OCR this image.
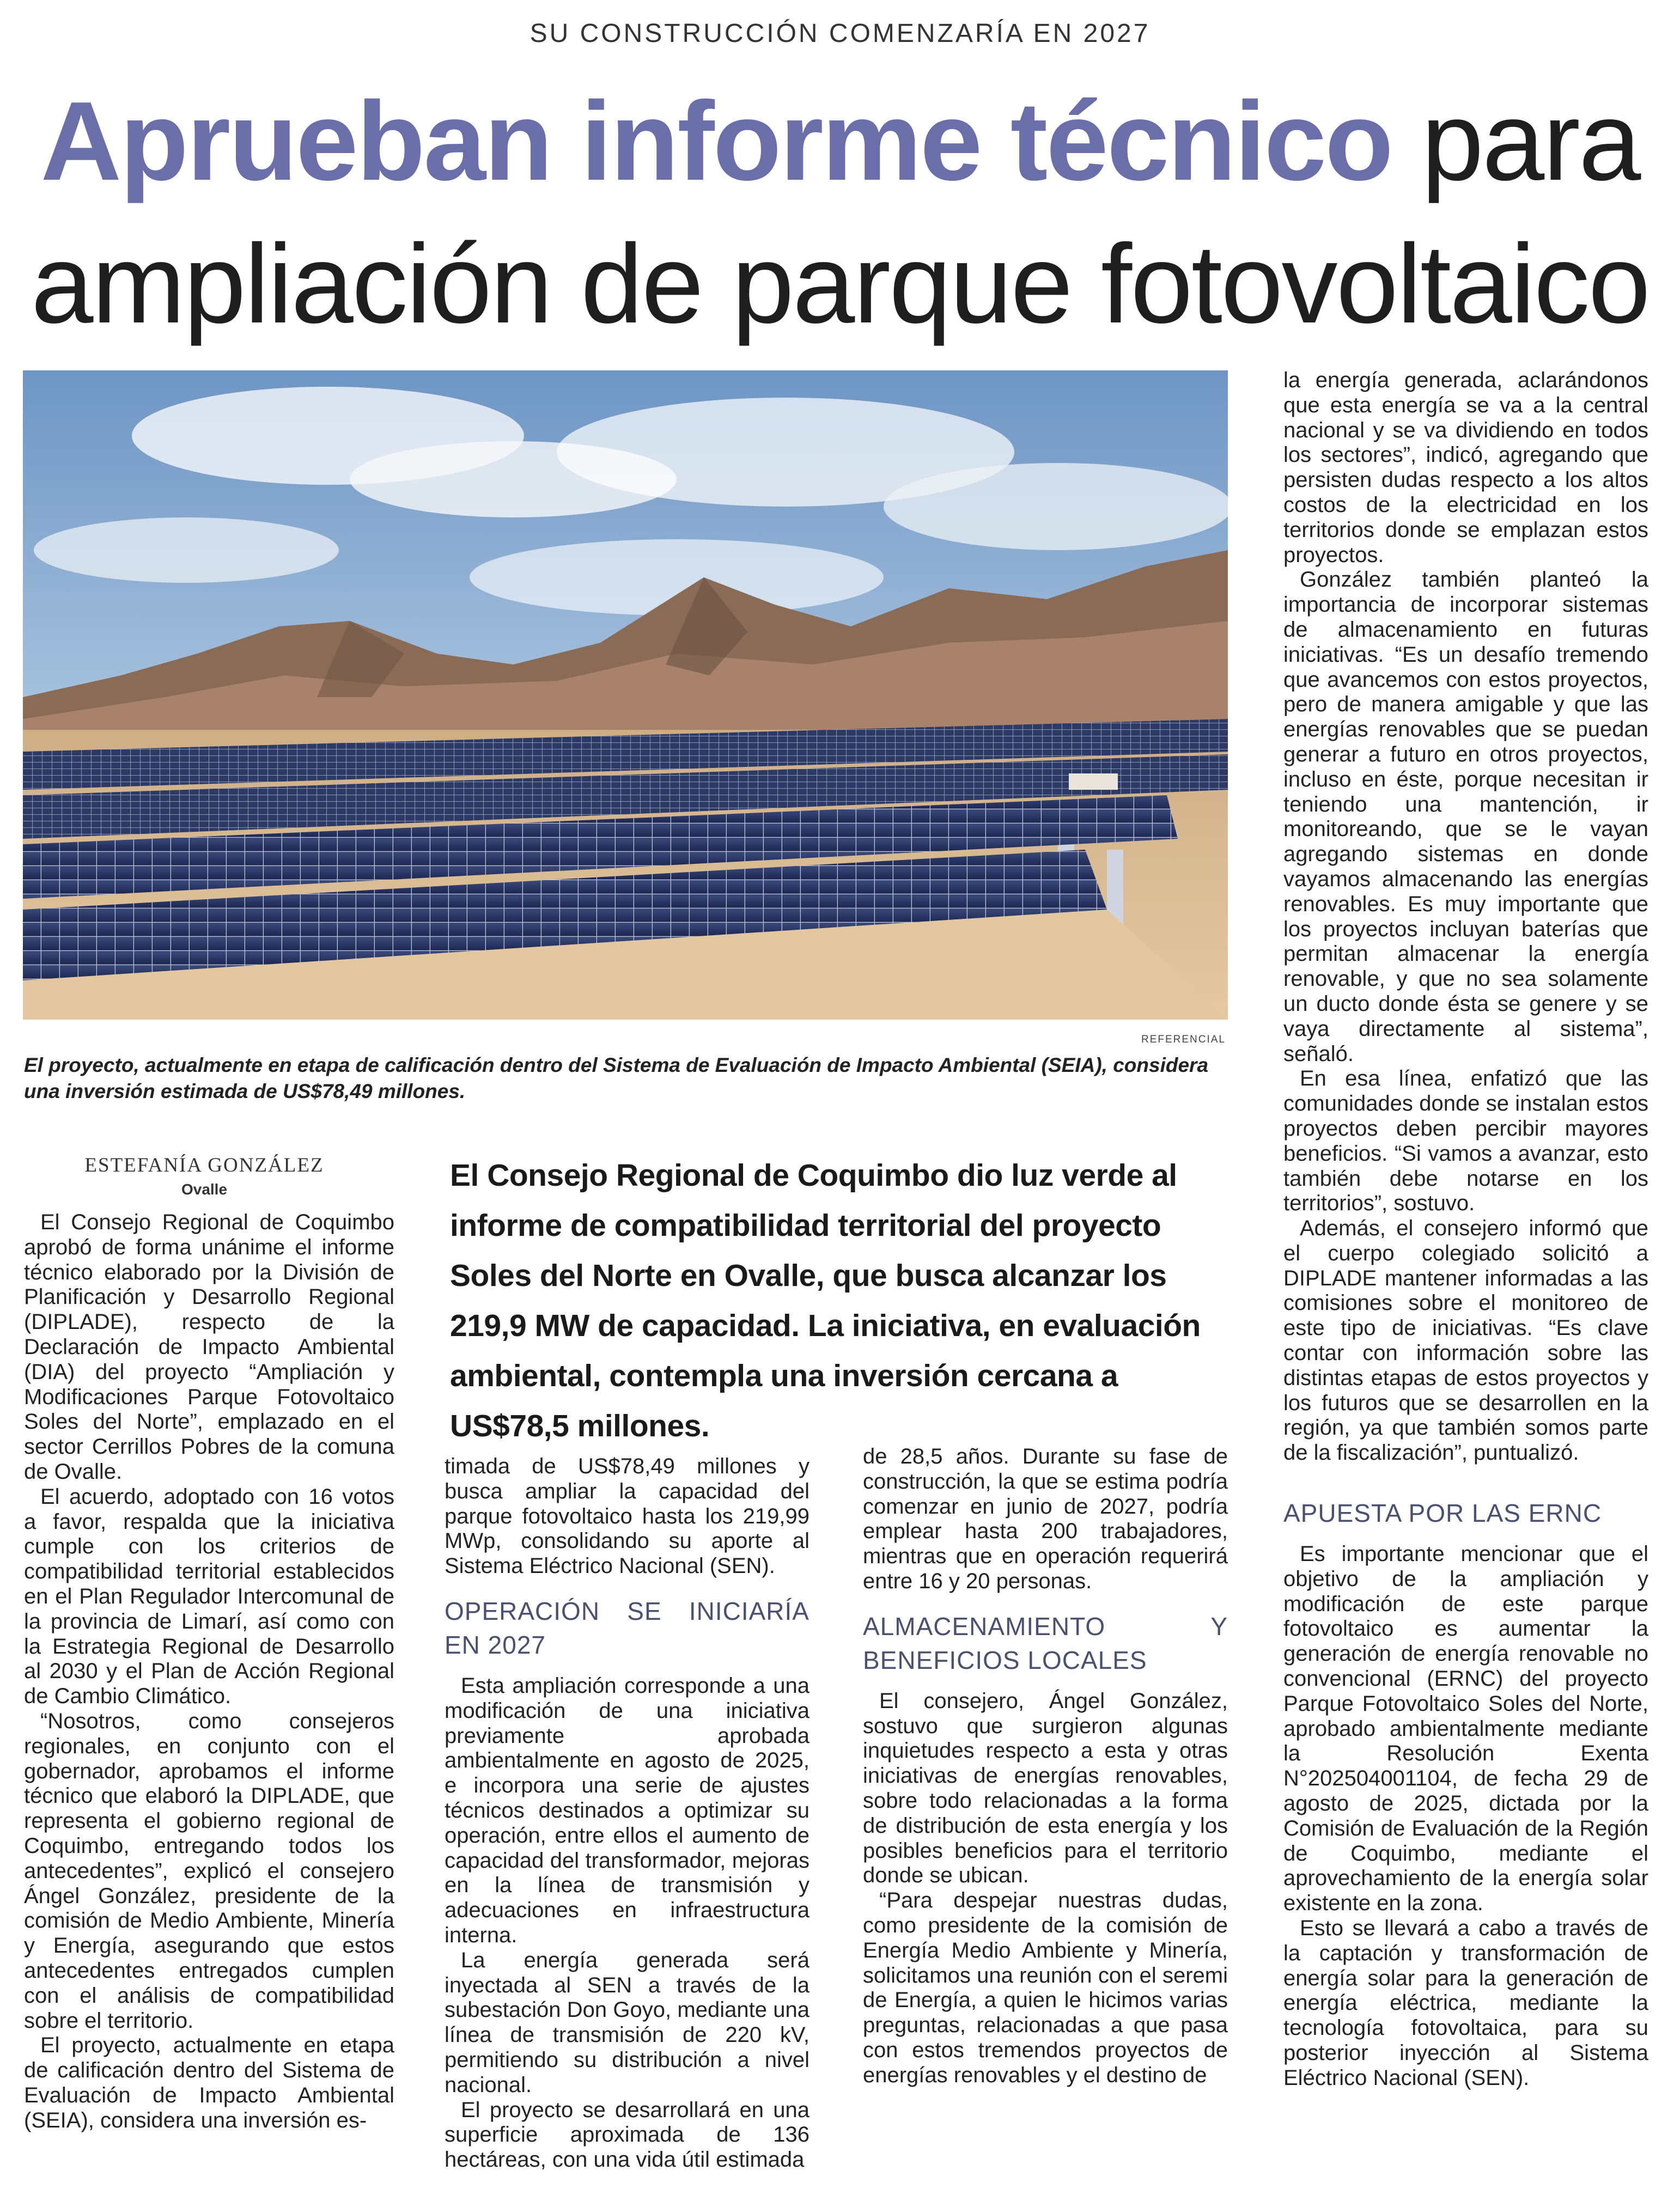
SU CONSTRUCCIÓN COMENZARÍA EN 2027
Aprueban informe técnico para
ampliación de parque fotovoltaico
REFERENCIAL
El proyecto, actualmente en etapa de calificación dentro del Sistema de Evaluación de Impacto Ambiental (SEIA), considera una inversión estimada de US$78,49 millones.
ESTEFANÍA GONZÁLEZ
Ovalle	El Consejo Regional de Coquimbo dio luz verde al informe de compatibilidad territorial del proyecto Soles del Norte en Ovalle, que busca alcanzar los 219,9 MW de capacidad. La iniciativa, en evaluación ambiental, contempla una inversión cercana a US$78,5 millones.

El Consejo Regional de Coquimbo aprobó de forma unánime el informe técnico elaborado por la División de Planificación y Desarrollo Regional (DIPLADE), respecto de la Declaración de Impacto Ambiental (DIA) del proyecto “Ampliación y Modificaciones Parque Fotovoltaico Soles del Norte”, emplazado en el sector Cerrillos Pobres de la comuna de Ovalle.

El acuerdo, adoptado con 16 votos a favor, respalda que la iniciativa cumple con los criterios de compatibilidad territorial establecidos en el Plan Regulador Intercomunal de la provincia de Limarí, así como con la Estrategia Regional de Desarrollo al 2030 y el Plan de Acción Regional de Cambio Climático.

“Nosotros, como consejeros regionales, en conjunto con el gobernador, aprobamos el informe técnico que elaboró la DIPLADE, que representa el gobierno regional de Coquimbo, entregando todos los antecedentes”, explicó el consejero Ángel González, presidente de la comisión de Medio Ambiente, Minería y Energía, asegurando que estos antecedentes entregados cumplen con el análisis de compatibilidad sobre el territorio.

El proyecto, actualmente en etapa de calificación dentro del Sistema de Evaluación de Impacto Ambiental (SEIA), considera una inversión es-

timada de US$78,49 millones y busca ampliar la capacidad del parque fotovoltaico hasta los 219,99 MWp, consolidando su aporte al Sistema Eléctrico Nacional (SEN).

OPERACIÓN SE INICIARÍA EN 2027

Esta ampliación corresponde a una modificación de una iniciativa previamente aprobada ambientalmente en agosto de 2025, e incorpora una serie de ajustes técnicos destinados a optimizar su operación, entre ellos el aumento de capacidad del transformador, mejoras en la línea de transmisión y adecuaciones en infraestructura interna.

La energía generada será inyectada al SEN a través de la subestación Don Goyo, mediante una línea de transmisión de 220 kV, permitiendo su distribución a nivel nacional.

El proyecto se desarrollará en una superficie aproximada de 136 hectáreas, con una vida útil estimada

de 28,5 años. Durante su fase de construcción, la que se estima podría comenzar en junio de 2027, podría emplear hasta 200 trabajadores, mientras que en operación requerirá entre 16 y 20 personas.

ALMACENAMIENTO Y BENEFICIOS LOCALES

El consejero, Ángel González, sostuvo que surgieron algunas inquietudes respecto a esta y otras iniciativas de energías renovables, sobre todo relacionadas a la forma de distribución de esta energía y los posibles beneficios para el territorio donde se ubican.

“Para despejar nuestras dudas, como presidente de la comisión de Energía Medio Ambiente y Minería, solicitamos una reunión con el seremi de Energía, a quien le hicimos varias preguntas, relacionadas a que pasa con estos tremendos proyectos de energías renovables y el destino de

la energía generada, aclarándonos que esta energía se va a la central nacional y se va dividiendo en todos los sectores”, indicó, agregando que persisten dudas respecto a los altos costos de la electricidad en los territorios donde se emplazan estos proyectos.

González también planteó la importancia de incorporar sistemas de almacenamiento en futuras iniciativas. “Es un desafío tremendo que avancemos con estos proyectos, pero de manera amigable y que las energías renovables que se puedan generar a futuro en otros proyectos, incluso en éste, porque necesitan ir teniendo una mantención, ir monitoreando, que se le vayan agregando sistemas en donde vayamos almacenando las energías renovables. Es muy importante que los proyectos incluyan baterías que permitan almacenar la energía renovable, y que no sea solamente un ducto donde ésta se genere y se vaya directamente al sistema”, señaló.

En esa línea, enfatizó que las comunidades donde se instalan estos proyectos deben percibir mayores beneficios. “Si vamos a avanzar, esto también debe notarse en los territorios”, sostuvo.

Además, el consejero informó que el cuerpo colegiado solicitó a DIPLADE mantener informadas a las comisiones sobre el monitoreo de este tipo de iniciativas. “Es clave contar con información sobre las distintas etapas de estos proyectos y los futuros que se desarrollen en la región, ya que también somos parte de la fiscalización”, puntualizó.

APUESTA POR LAS ERNC

Es importante mencionar que el objetivo de la ampliación y modificación de este parque fotovoltaico es aumentar la generación de energía renovable no convencional (ERNC) del proyecto Parque Fotovoltaico Soles del Norte, aprobado ambientalmente mediante la Resolución Exenta N°202504001104, de fecha 29 de agosto de 2025, dictada por la Comisión de Evaluación de la Región de Coquimbo, mediante el aprovechamiento de la energía solar existente en la zona.

Esto se llevará a cabo a través de la captación y transformación de energía solar para la generación de energía eléctrica, mediante la tecnología fotovoltaica, para su posterior inyección al Sistema Eléctrico Nacional (SEN).
